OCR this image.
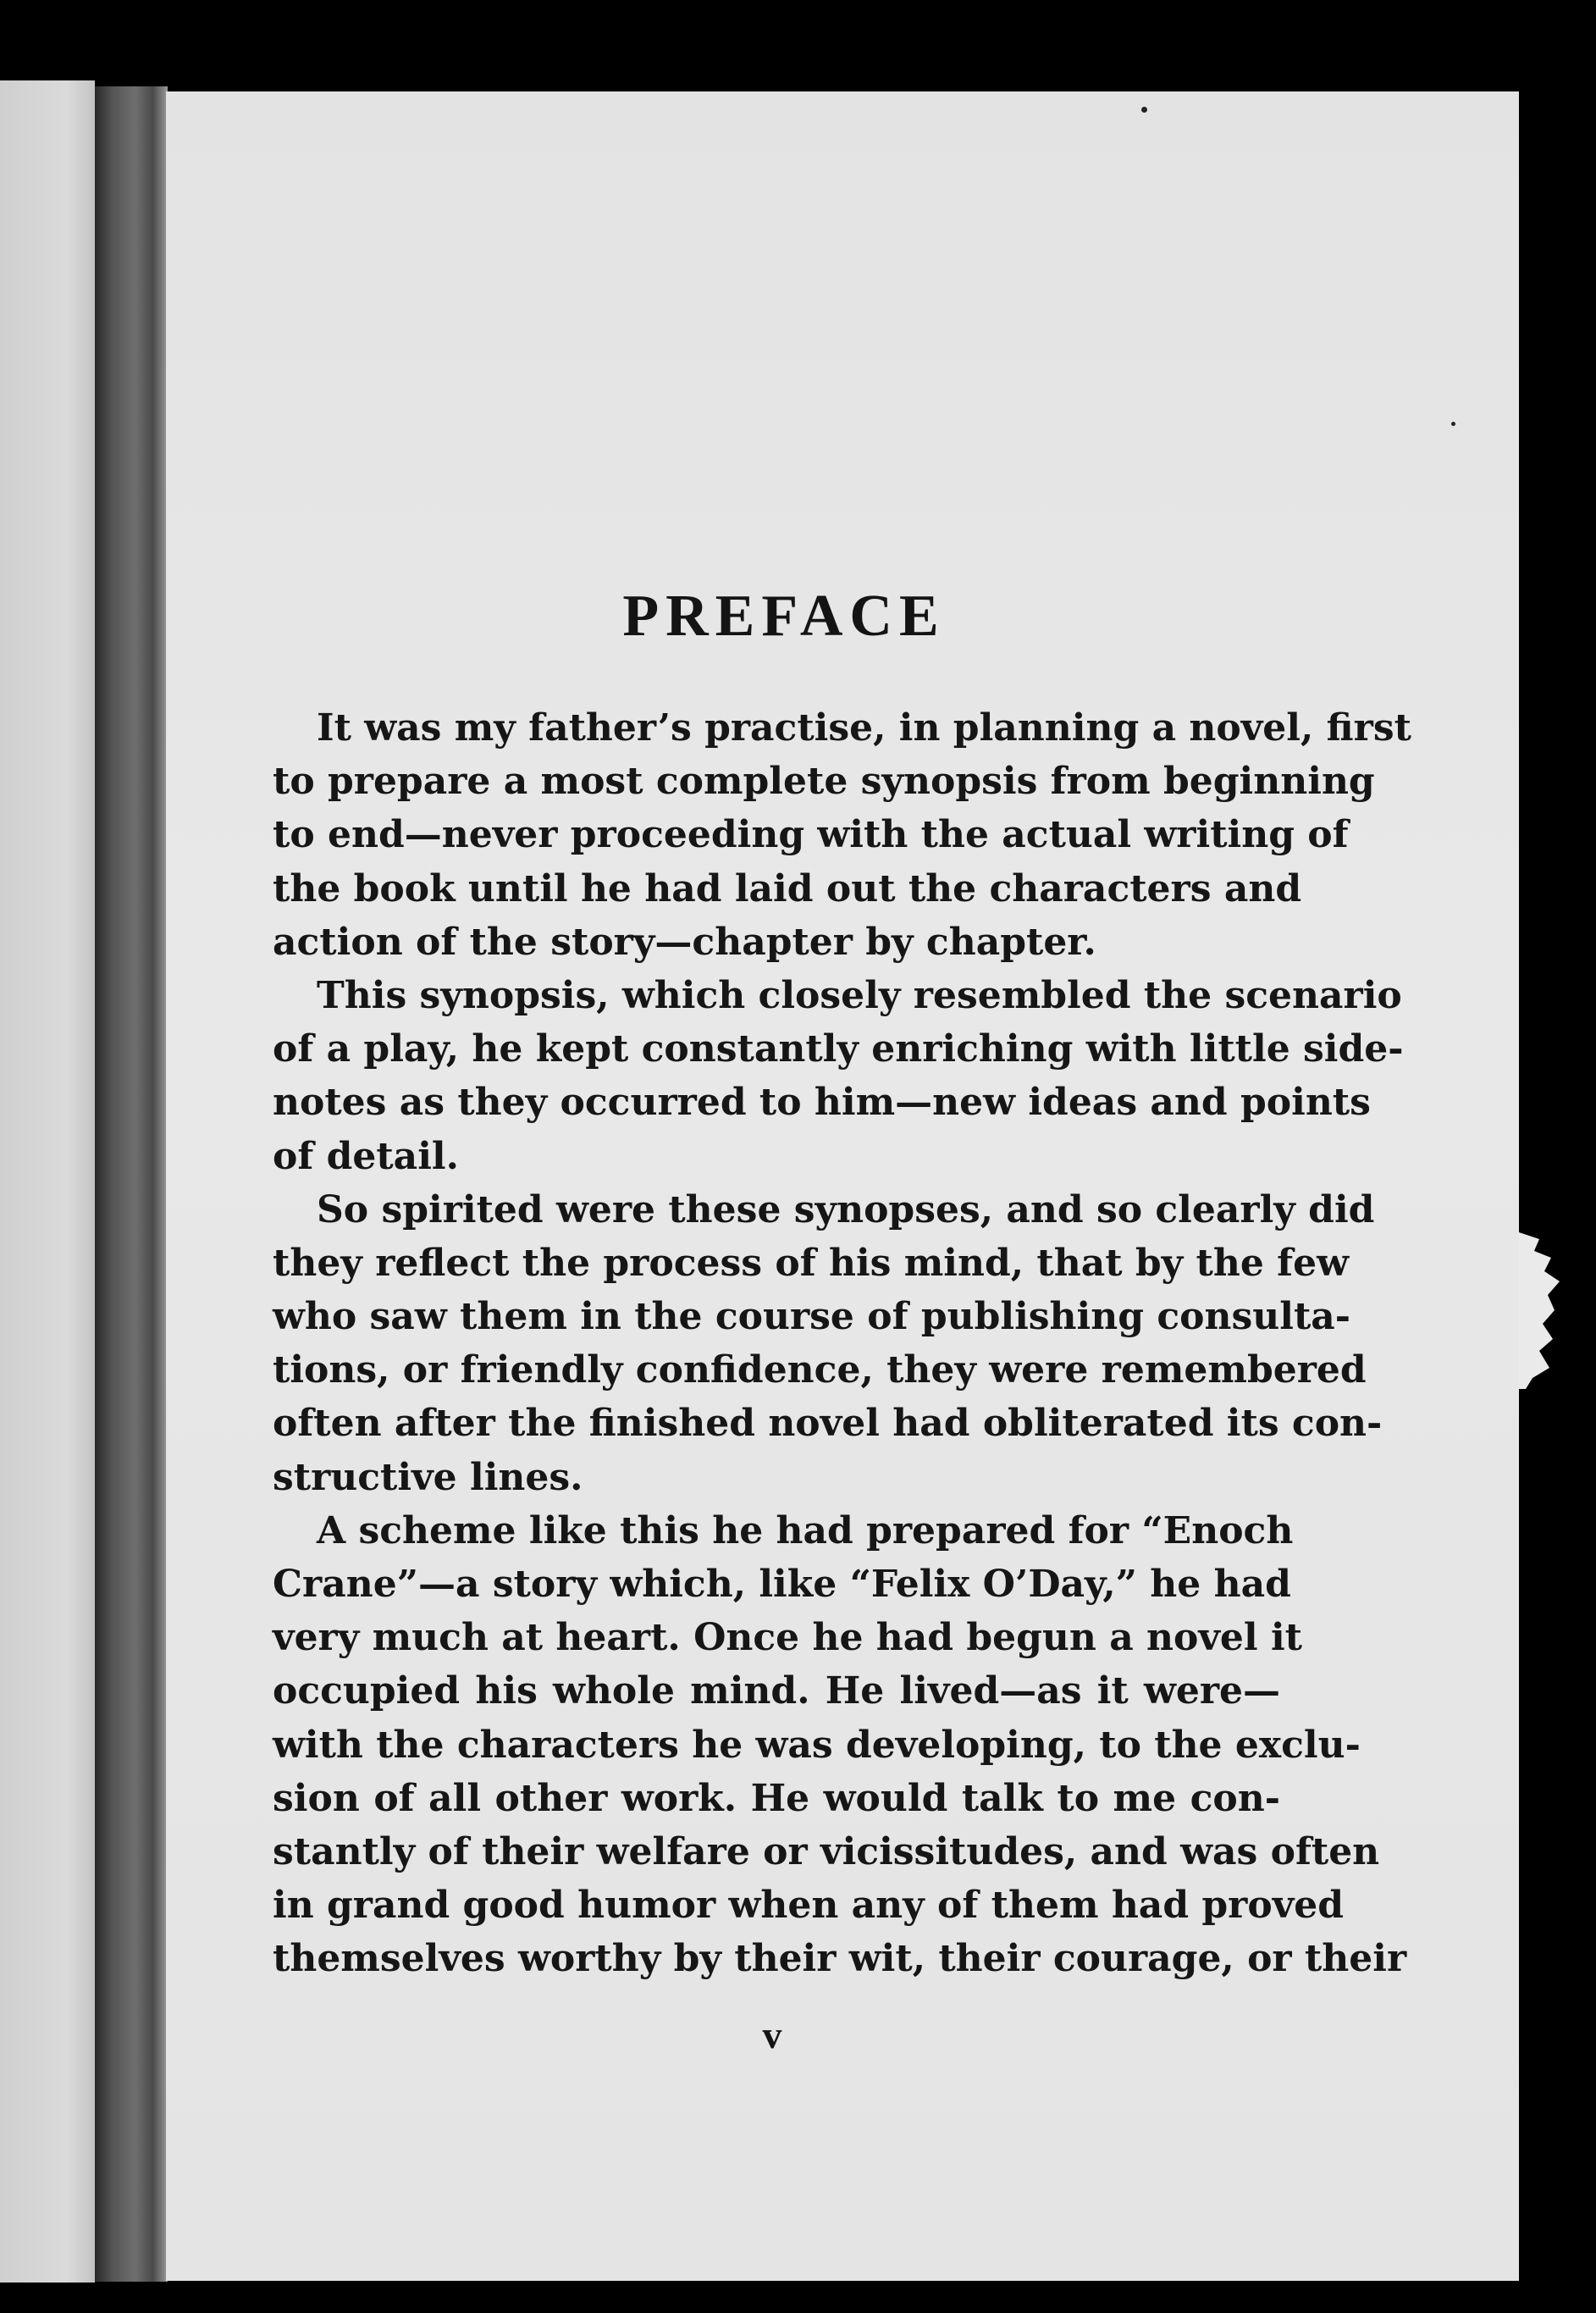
PREFACE
It was my father’s practise, in planning a novel, first
to prepare a most complete synopsis from beginning
to end—never proceeding with the actual writing of
the book until he had laid out the characters and
action of the story—chapter by chapter.
This synopsis, which closely resembled the scenario
of a play, he kept constantly enriching with little side-
notes as they occurred to him—new ideas and points
of detail.
So spirited were these synopses, and so clearly did
they reflect the process of his mind, that by the few
who saw them in the course of publishing consulta-
tions, or friendly confidence, they were remembered
often after the finished novel had obliterated its con-
structive lines.
A scheme like this he had prepared for “Enoch
Crane”—a story which, like “Felix O’Day,” he had
very much at heart. Once he had begun a novel it
occupied his whole mind. He lived—as it were—
with the characters he was developing, to the exclu-
sion of all other work. He would talk to me con-
stantly of their welfare or vicissitudes, and was often
in grand good humor when any of them had proved
themselves worthy by their wit, their courage, or their
v
